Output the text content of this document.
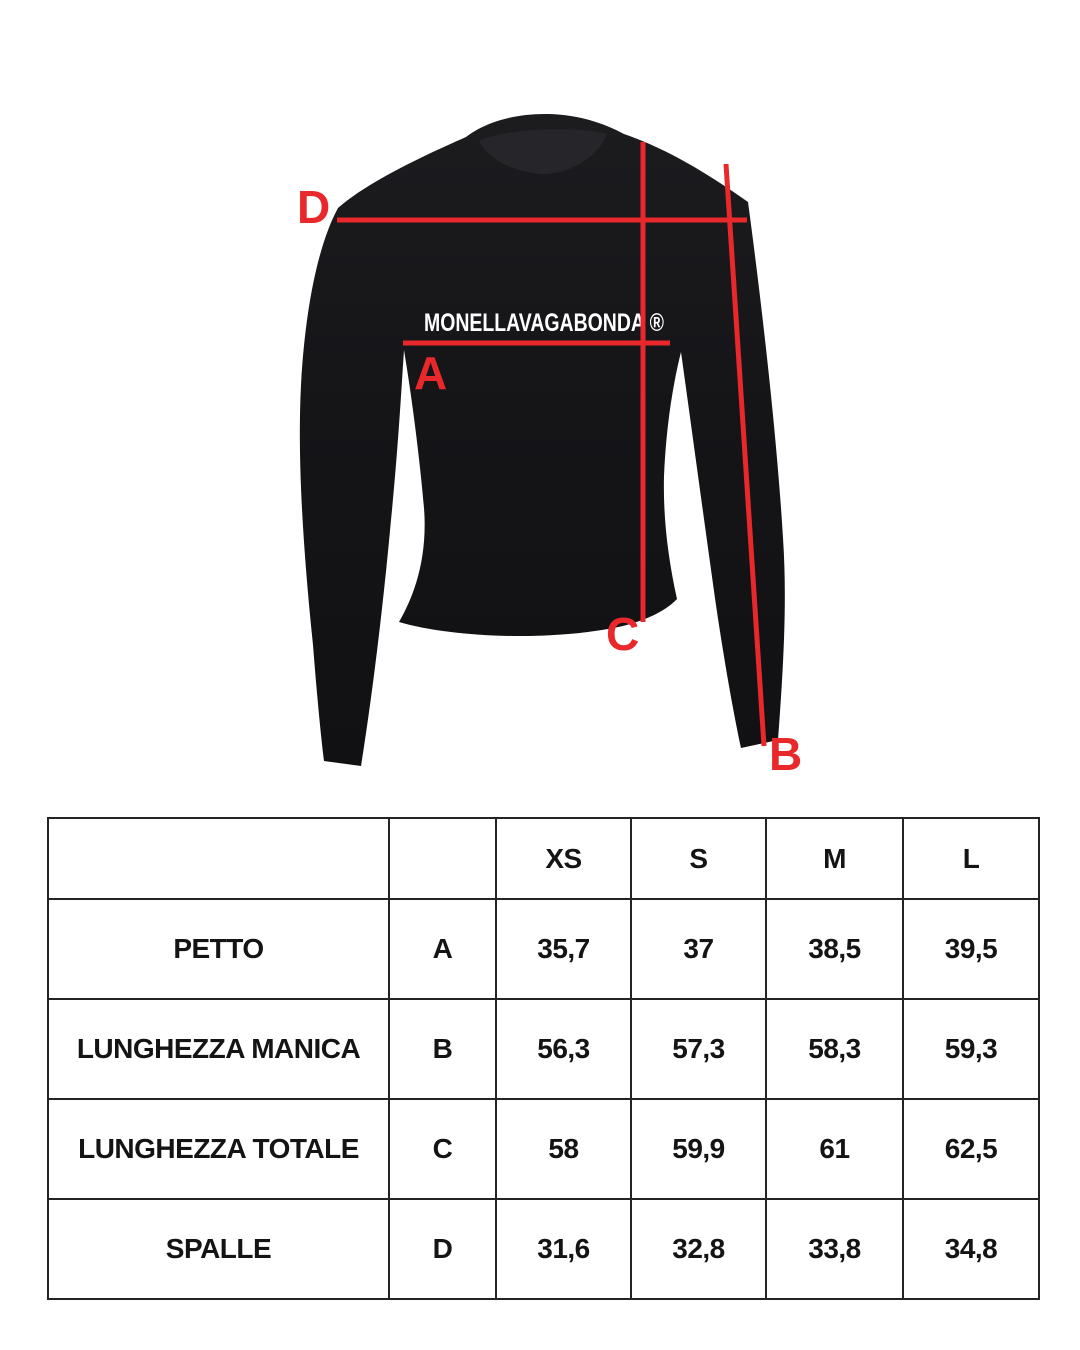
MONELLAVAGABONDA ®
D
A
C
B
		XS	S	M	L
PETTO	A	35,7	37	38,5	39,5
LUNGHEZZA MANICA	B	56,3	57,3	58,3	59,3
LUNGHEZZA TOTALE	C	58	59,9	61	62,5
SPALLE	D	31,6	32,8	33,8	34,8
